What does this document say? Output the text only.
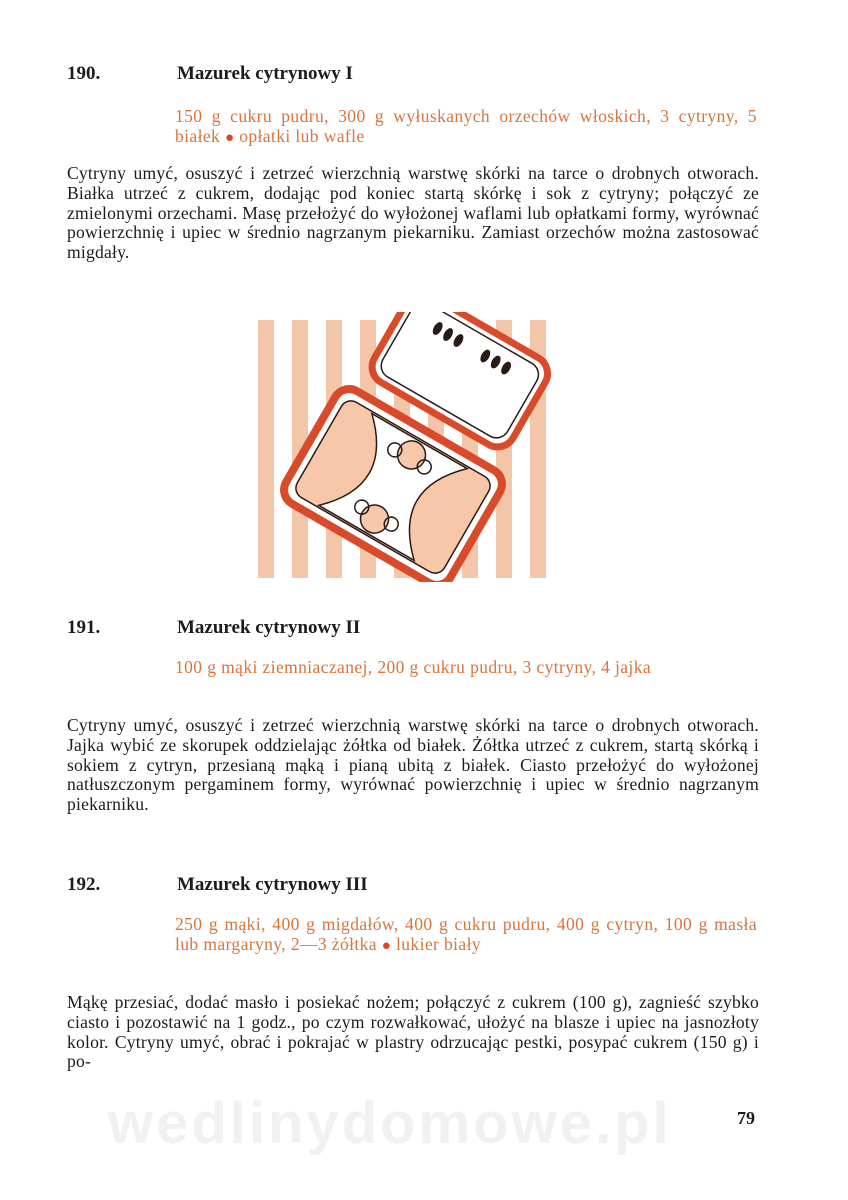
190.	Mazurek cytrynowy I
150 g cukru pudru, 300 g wyłuskanych orzechów włoskich, 3 cytryny, 5 białek ● opłatki lub wafle
Cytryny umyć, osuszyć i zetrzeć wierzchnią warstwę skórki na tarce o drobnych otworach. Białka utrzeć z cukrem, dodając pod koniec startą skórkę i sok z cytryny; połączyć ze zmielonymi orzechami. Masę przełożyć do wyłożonej waflami lub opłatkami formy, wyrównać powierzchnię i upiec w średnio nagrzanym piekarniku. Zamiast orzechów można zastosować migdały.
191.	Mazurek cytrynowy II
100 g mąki ziemniaczanej, 200 g cukru pudru, 3 cytryny, 4 jajka
Cytryny umyć, osuszyć i zetrzeć wierzchnią warstwę skórki na tarce o drobnych otworach. Jajka wybić ze skorupek oddzielając żółtka od białek. Żółtka utrzeć z cukrem, startą skórką i sokiem z cytryn, przesianą mąką i pianą ubitą z białek. Ciasto przełożyć do wyłożonej natłuszczonym pergaminem formy, wyrównać powierzchnię i upiec w średnio nagrzanym piekarniku.
192.	Mazurek cytrynowy III
250 g mąki, 400 g migdałów, 400 g cukru pudru, 400 g cytryn, 100 g masła lub margaryny, 2—3 żółtka ● lukier biały
Mąkę przesiać, dodać masło i posiekać nożem; połączyć z cukrem (100 g), zagnieść szybko ciasto i pozostawić na 1 godz., po czym rozwałkować, ułożyć na blasze i upiec na jasnozłoty kolor. Cytryny umyć, obrać i pokrajać w plastry odrzucając pestki, posypać cukrem (150 g) i po-
wedlinydomowe.pl	79
